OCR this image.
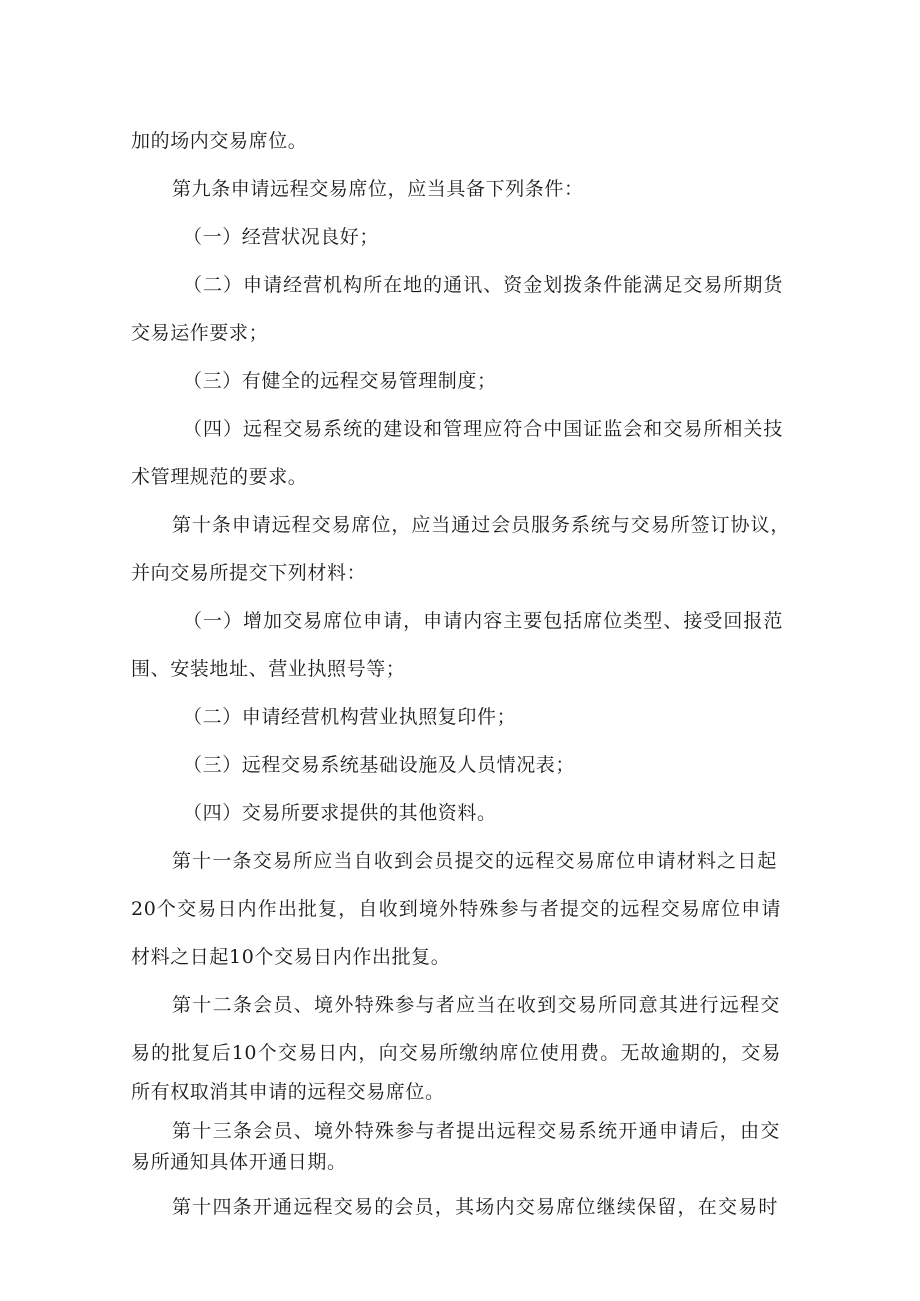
加的场内交易席位。
第九条申请远程交易席位，应当具备下列条件：
（一）经营状况良好；
（二）申请经营机构所在地的通讯、资金划拨条件能满足交易所期货
交易运作要求；
（三）有健全的远程交易管理制度；
（四）远程交易系统的建设和管理应符合中国证监会和交易所相关技
术管理规范的要求。
第十条申请远程交易席位，应当通过会员服务系统与交易所签订协议，
并向交易所提交下列材料：
（一）增加交易席位申请，申请内容主要包括席位类型、接受回报范
围、安装地址、营业执照号等；
（二）申请经营机构营业执照复印件；
（三）远程交易系统基础设施及人员情况表；
（四）交易所要求提供的其他资料。
第十一条交易所应当自收到会员提交的远程交易席位申请材料之日起
20个交易日内作出批复，自收到境外特殊参与者提交的远程交易席位申请
材料之日起10个交易日内作出批复。
第十二条会员、境外特殊参与者应当在收到交易所同意其进行远程交
易的批复后10个交易日内，向交易所缴纳席位使用费。无故逾期的，交易
所有权取消其申请的远程交易席位。
第十三条会员、境外特殊参与者提出远程交易系统开通申请后，由交
易所通知具体开通日期。
第十四条开通远程交易的会员，其场内交易席位继续保留，在交易时
